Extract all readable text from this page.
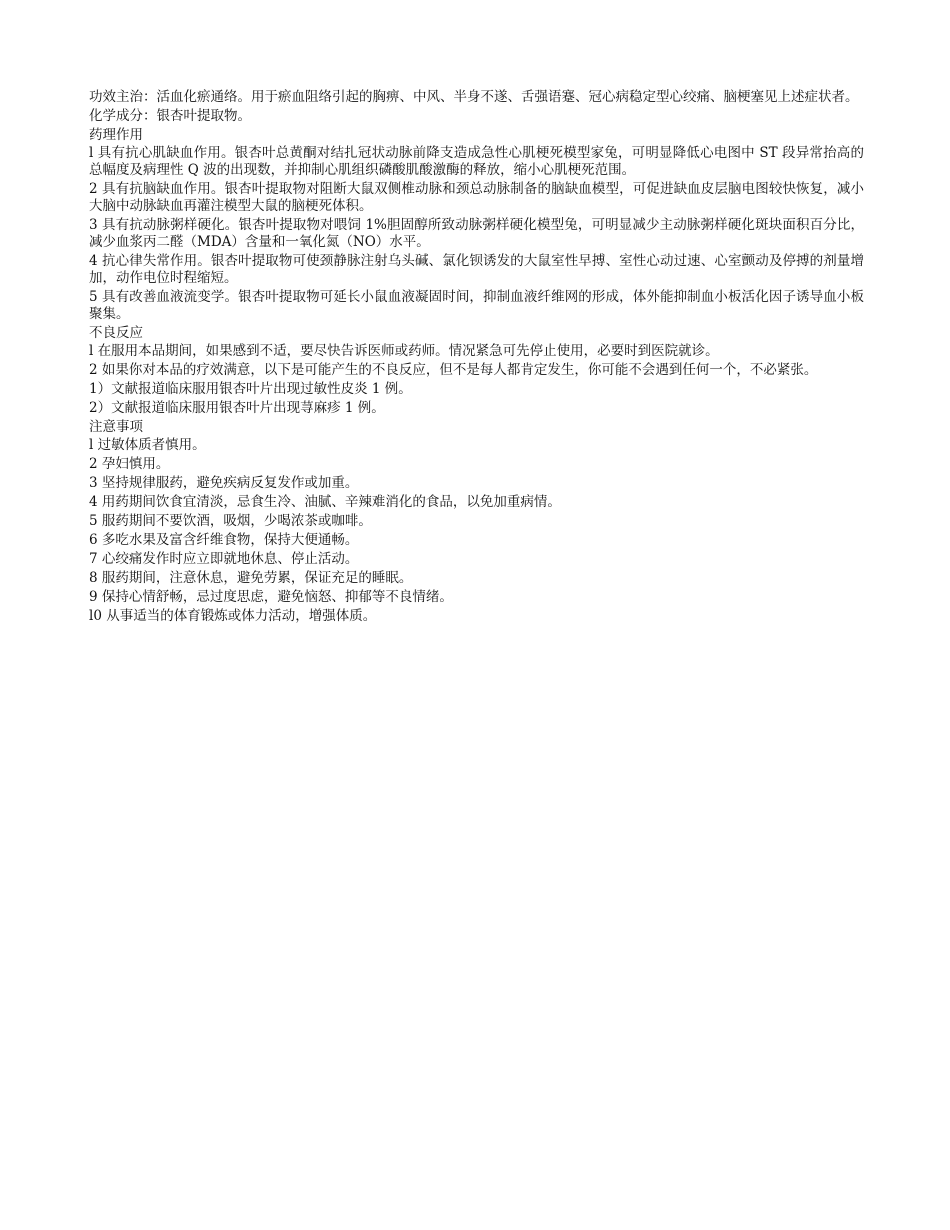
功效主治：活血化瘀通络。用于瘀血阻络引起的胸痹、中风、半身不遂、舌强语蹇、冠心病稳定型心绞痛、脑梗塞见上述症状者。

化学成分：银杏叶提取物。

药理作用

l 具有抗心肌缺血作用。银杏叶总黄酮对结扎冠状动脉前降支造成急性心肌梗死模型家兔，可明显降低心电图中 ST 段异常抬高的总幅度及病理性 Q 波的出现数，并抑制心肌组织磷酸肌酸激酶的释放，缩小心肌梗死范围。

2 具有抗脑缺血作用。银杏叶提取物对阻断大鼠双侧椎动脉和颈总动脉制备的脑缺血模型，可促进缺血皮层脑电图较快恢复，减小大脑中动脉缺血再灌注模型大鼠的脑梗死体积。

3 具有抗动脉粥样硬化。银杏叶提取物对喂饲 1%胆固醇所致动脉粥样硬化模型兔，可明显减少主动脉粥样硬化斑块面积百分比，减少血浆丙二醛（MDA）含量和一氧化氮（NO）水平。

4 抗心律失常作用。银杏叶提取物可使颈静脉注射乌头碱、氯化钡诱发的大鼠室性早搏、室性心动过速、心室颤动及停搏的剂量增加，动作电位时程缩短。

5 具有改善血液流变学。银杏叶提取物可延长小鼠血液凝固时间，抑制血液纤维网的形成，体外能抑制血小板活化因子诱导血小板聚集。

不良反应

l 在服用本品期间，如果感到不适，要尽快告诉医师或药师。情况紧急可先停止使用，必要时到医院就诊。

2 如果你对本品的疗效满意，以下是可能产生的不良反应，但不是每人都肯定发生，你可能不会遇到任何一个，不必紧张。

1）文献报道临床服用银杏叶片出现过敏性皮炎 1 例。

2）文献报道临床服用银杏叶片出现荨麻疹 1 例。

注意事项

l 过敏体质者慎用。

2 孕妇慎用。

3 坚持规律服药，避免疾病反复发作或加重。

4 用药期间饮食宜清淡，忌食生冷、油腻、辛辣难消化的食品，以免加重病情。

5 服药期间不要饮酒，吸烟，少喝浓茶或咖啡。

6 多吃水果及富含纤维食物，保持大便通畅。

7 心绞痛发作时应立即就地休息、停止活动。

8 服药期间，注意休息，避免劳累，保证充足的睡眠。

9 保持心情舒畅，忌过度思虑，避免恼怒、抑郁等不良情绪。

l0 从事适当的体育锻炼或体力活动，增强体质。
